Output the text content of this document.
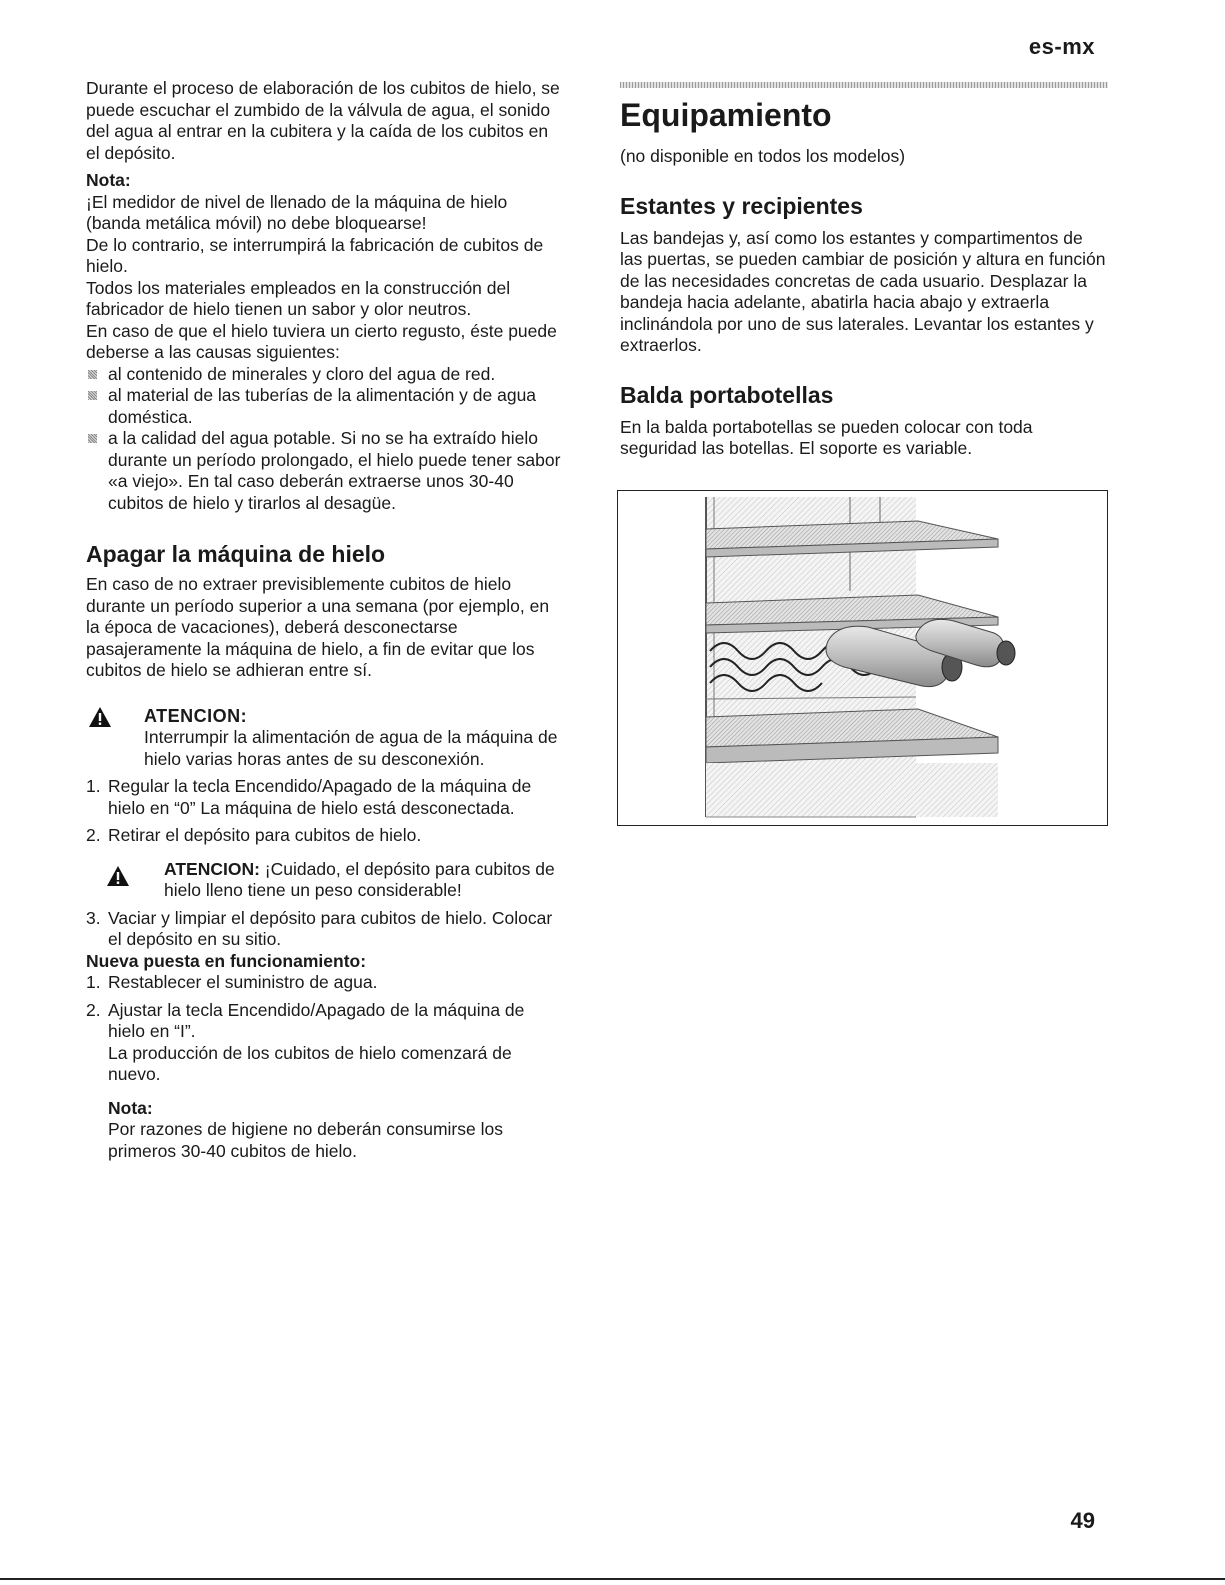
es-mx

Durante el proceso de elaboración de los cubitos de hielo, se puede escuchar el zumbido de la válvula de agua, el sonido del agua al entrar en la cubitera y la caída de los cubitos en el depósito.

Nota:

¡El medidor de nivel de llenado de la máquina de hielo (banda metálica móvil) no debe bloquearse!

De lo contrario, se interrumpirá la fabricación de cubitos de hielo.

Todos los materiales empleados en la construcción del fabricador de hielo tienen un sabor y olor neutros.

En caso de que el hielo tuviera un cierto regusto, éste puede deberse a las causas siguientes:

al contenido de minerales y cloro del agua de red.
al material de las tuberías de la alimentación y de agua doméstica.
a la calidad del agua potable. Si no se ha extraído hielo durante un período prolongado, el hielo puede tener sabor «a viejo». En tal caso deberán extraerse unos 30-40 cubitos de hielo y tirarlos al desagüe.
Apagar la máquina de hielo

En caso de no extraer previsiblemente cubitos de hielo durante un período superior a una semana (por ejemplo, en la época de vacaciones), deberá desconectarse pasajeramente la máquina de hielo, a fin de evitar que los cubitos de hielo se adhieran entre sí.

ATENCION:

Interrumpir la alimentación de agua de la máquina de hielo varias horas antes de su desconexión.

1. Regular la tecla Encendido/Apagado de la máquina de hielo en “0” La máquina de hielo está desconectada.
2. Retirar el depósito para cubitos de hielo.

ATENCION: ¡Cuidado, el depósito para cubitos de hielo lleno tiene un peso considerable!

3. Vaciar y limpiar el depósito para cubitos de hielo. Colocar el depósito en su sitio.

Nueva puesta en funcionamiento:

1. Restablecer el suministro de agua.
2. Ajustar la tecla Encendido/Apagado de la máquina de hielo en “I”.

La producción de los cubitos de hielo comenzará de nuevo.

Nota:

Por razones de higiene no deberán consumirse los primeros 30-40 cubitos de hielo.

Equipamiento

(no disponible en todos los modelos)

Estantes y recipientes

Las bandejas y, así como los estantes y compartimentos de las puertas, se pueden cambiar de posición y altura en función de las necesidades concretas de cada usuario. Desplazar la bandeja hacia adelante, abatirla hacia abajo y extraerla inclinándola por uno de sus laterales. Levantar los estantes y extraerlos.

Balda portabotellas

En la balda portabotellas se pueden colocar con toda seguridad las botellas. El soporte es variable.

49
